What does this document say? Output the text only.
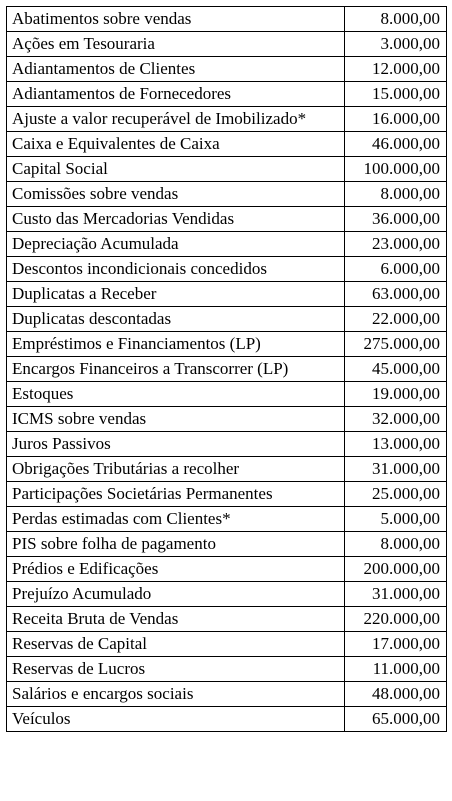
Abatimentos sobre vendas	8.000,00
Ações em Tesouraria	3.000,00
Adiantamentos de Clientes	12.000,00
Adiantamentos de Fornecedores	15.000,00
Ajuste a valor recuperável de Imobilizado*	16.000,00
Caixa e Equivalentes de Caixa	46.000,00
Capital Social	100.000,00
Comissões sobre vendas	8.000,00
Custo das Mercadorias Vendidas	36.000,00
Depreciação Acumulada	23.000,00
Descontos incondicionais concedidos	6.000,00
Duplicatas a Receber	63.000,00
Duplicatas descontadas	22.000,00
Empréstimos e Financiamentos (LP)	275.000,00
Encargos Financeiros a Transcorrer (LP)	45.000,00
Estoques	19.000,00
ICMS sobre vendas	32.000,00
Juros Passivos	13.000,00
Obrigações Tributárias a recolher	31.000,00
Participações Societárias Permanentes	25.000,00
Perdas estimadas com Clientes*	5.000,00
PIS sobre folha de pagamento	8.000,00
Prédios e Edificações	200.000,00
Prejuízo Acumulado	31.000,00
Receita Bruta de Vendas	220.000,00
Reservas de Capital	17.000,00
Reservas de Lucros	11.000,00
Salários e encargos sociais	48.000,00
Veículos	65.000,00
